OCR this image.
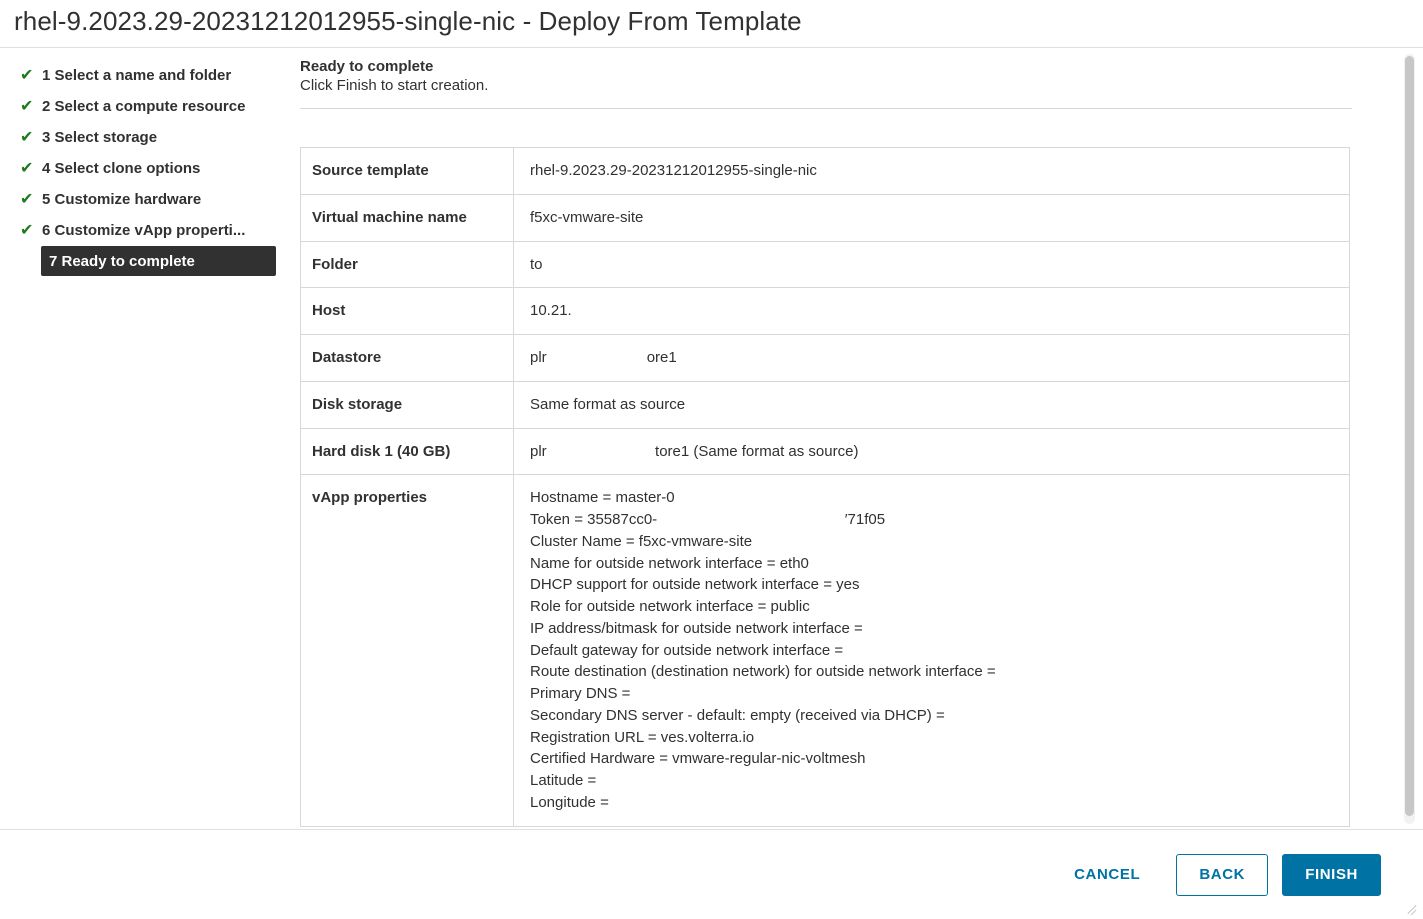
rhel-9.2023.29-20231212012955-single-nic - Deploy From Template
✔ 1 Select a name and folder
✔ 2 Select a compute resource
✔ 3 Select storage
✔ 4 Select clone options
✔ 5 Customize hardware
✔ 6 Customize vApp properti...
7 Ready to complete
Ready to complete
Click Finish to start creation.
Source template	rhel-9.2023.29-20231212012955-single-nic
Virtual machine name	f5xc-vmware-site
Folder	to
Host	10.21.
Datastore	plr                        ore1
Disk storage	Same format as source
Hard disk 1 (40 GB)	plr                          tore1 (Same format as source)
vApp properties	Hostname = master-0
Token = 35587cc0-                                             ′71f05
Cluster Name = f5xc-vmware-site
Name for outside network interface = eth0
DHCP support for outside network interface = yes
Role for outside network interface = public
IP address/bitmask for outside network interface =
Default gateway for outside network interface =
Route destination (destination network) for outside network interface =
Primary DNS =
Secondary DNS server - default: empty (received via DHCP) =
Registration URL = ves.volterra.io
Certified Hardware = vmware-regular-nic-voltmesh
Latitude =
Longitude =
CANCEL	BACK	FINISH
